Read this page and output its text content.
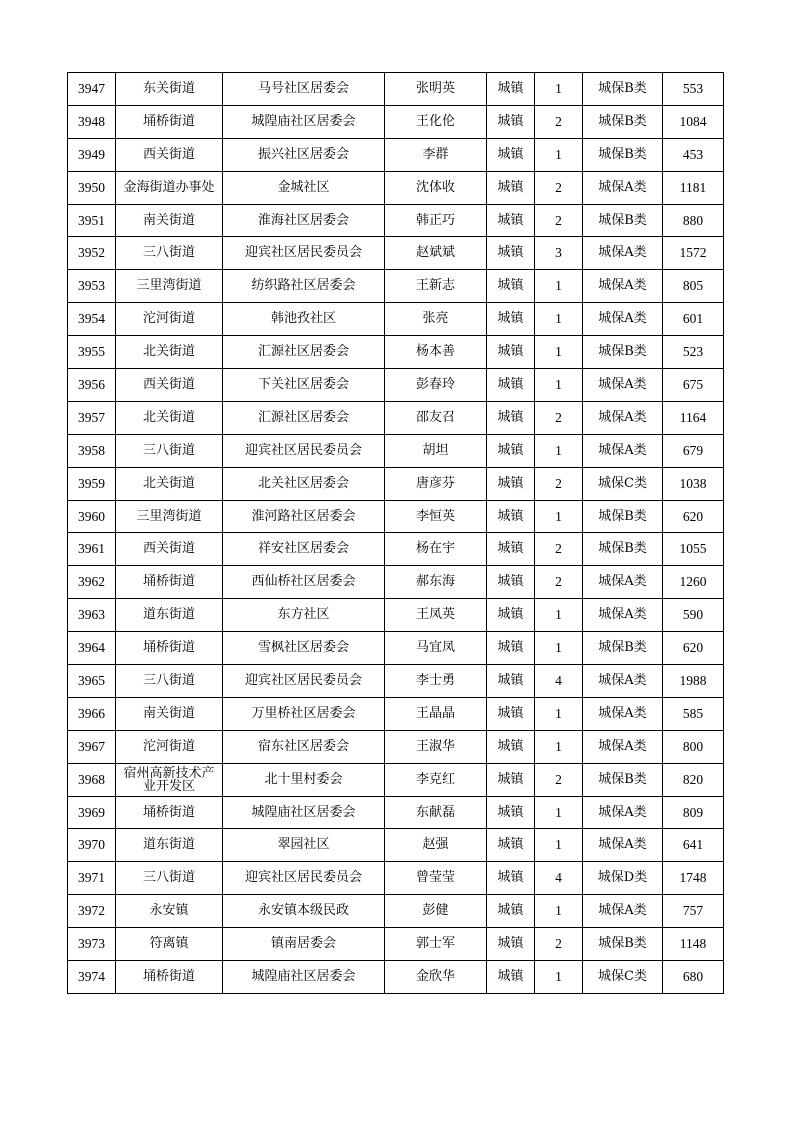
3947	东关街道	马号社区居委会	张明英	城镇	1	城保B类	553
3948	埇桥街道	城隍庙社区居委会	王化伦	城镇	2	城保B类	1084
3949	西关街道	振兴社区居委会	李群	城镇	1	城保B类	453
3950	金海街道办事处	金城社区	沈体收	城镇	2	城保A类	1181
3951	南关街道	淮海社区居委会	韩正巧	城镇	2	城保B类	880
3952	三八街道	迎宾社区居民委员会	赵斌斌	城镇	3	城保A类	1572
3953	三里湾街道	纺织路社区居委会	王新志	城镇	1	城保A类	805
3954	沱河街道	韩池孜社区	张亮	城镇	1	城保A类	601
3955	北关街道	汇源社区居委会	杨本善	城镇	1	城保B类	523
3956	西关街道	下关社区居委会	彭春玲	城镇	1	城保A类	675
3957	北关街道	汇源社区居委会	邵友召	城镇	2	城保A类	1164
3958	三八街道	迎宾社区居民委员会	胡坦	城镇	1	城保A类	679
3959	北关街道	北关社区居委会	唐彦芬	城镇	2	城保C类	1038
3960	三里湾街道	淮河路社区居委会	李恒英	城镇	1	城保B类	620
3961	西关街道	祥安社区居委会	杨在宇	城镇	2	城保B类	1055
3962	埇桥街道	西仙桥社区居委会	郝东海	城镇	2	城保A类	1260
3963	道东街道	东方社区	王凤英	城镇	1	城保A类	590
3964	埇桥街道	雪枫社区居委会	马宜凤	城镇	1	城保B类	620
3965	三八街道	迎宾社区居民委员会	李士勇	城镇	4	城保A类	1988
3966	南关街道	万里桥社区居委会	王晶晶	城镇	1	城保A类	585
3967	沱河街道	宿东社区居委会	王淑华	城镇	1	城保A类	800
3968	宿州高新技术产业开发区	北十里村委会	李克红	城镇	2	城保B类	820
3969	埇桥街道	城隍庙社区居委会	东献磊	城镇	1	城保A类	809
3970	道东街道	翠园社区	赵强	城镇	1	城保A类	641
3971	三八街道	迎宾社区居民委员会	曾莹莹	城镇	4	城保D类	1748
3972	永安镇	永安镇本级民政	彭健	城镇	1	城保A类	757
3973	符离镇	镇南居委会	郭士军	城镇	2	城保B类	1148
3974	埇桥街道	城隍庙社区居委会	金欣华	城镇	1	城保C类	680
